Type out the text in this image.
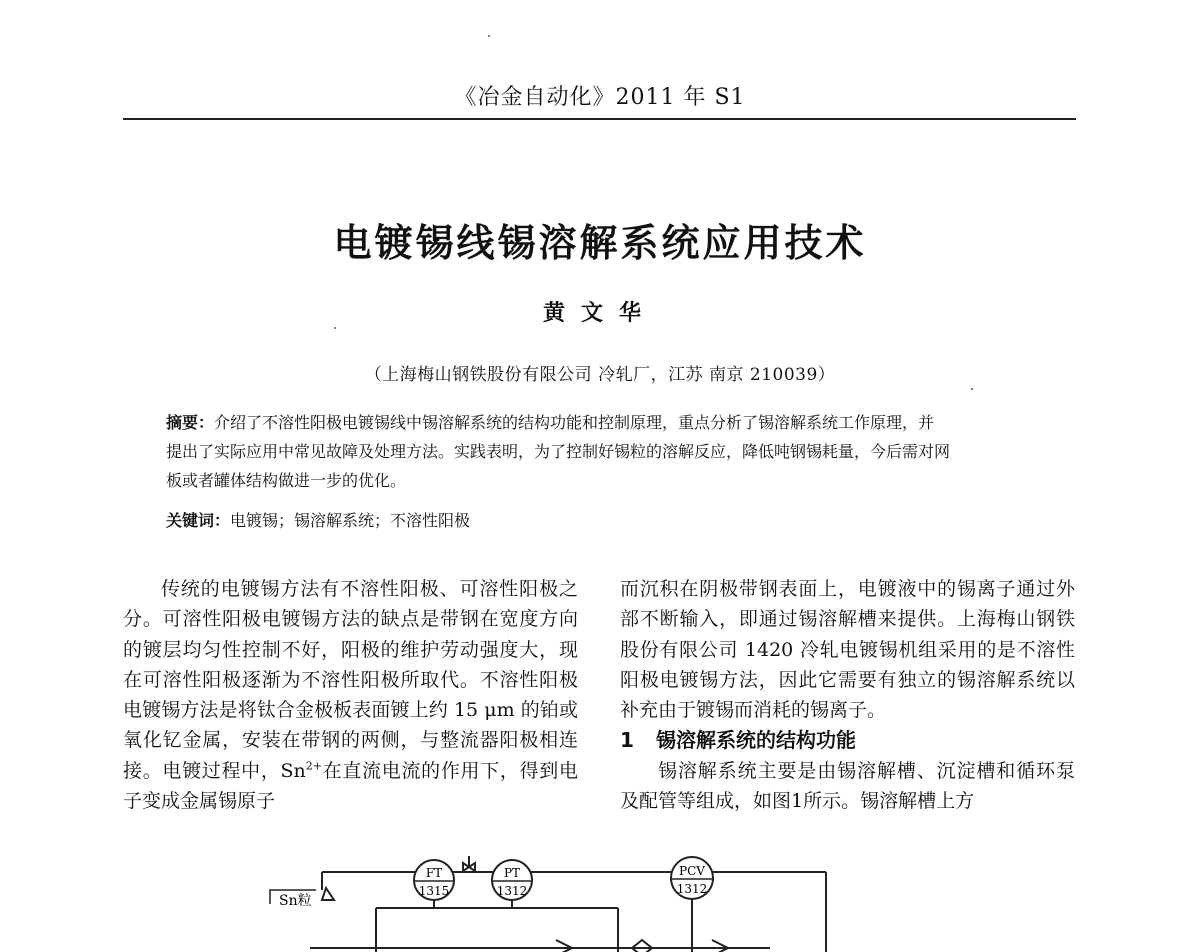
《冶金自动化》2011 年 S1
电镀锡线锡溶解系统应用技术
黄文华
（上海梅山钢铁股份有限公司 冷轧厂，江苏 南京 210039）
摘要：介绍了不溶性阳极电镀锡线中锡溶解系统的结构功能和控制原理，重点分析了锡溶解系统工作原理，并
提出了实际应用中常见故障及处理方法。实践表明，为了控制好锡粒的溶解反应，降低吨钢锡耗量，今后需对网
板或者罐体结构做进一步的优化。
关键词：电镀锡；锡溶解系统；不溶性阳极

传统的电镀锡方法有不溶性阳极、可溶性阳极之分。可溶性阳极电镀锡方法的缺点是带钢在宽度方向的镀层均匀性控制不好，阳极的维护劳动强度大，现在可溶性阳极逐渐为不溶性阳极所取代。不溶性阳极电镀锡方法是将钛合金极板表面镀上约 15 μm 的铂或氧化钇金属，安装在带钢的两侧，与整流器阳极相连接。电镀过程中，$Sn^{2+}$在直流电流的作用下，得到电子变成金属锡原子

而沉积在阴极带钢表面上，电镀液中的锡离子通过外部不断输入，即通过锡溶解槽来提供。上海梅山钢铁股份有限公司 1420 冷轧电镀锡机组采用的是不溶性阳极电镀锡方法，因此它需要有独立的锡溶解系统以补充由于镀锡而消耗的锡离子。

1 锡溶解系统的结构功能

锡溶解系统主要是由锡溶解槽、沉淀槽和循环泵及配管等组成，如图1所示。锡溶解槽上方

Sn粒
FT
1315
PT
1312
PCV
1312
